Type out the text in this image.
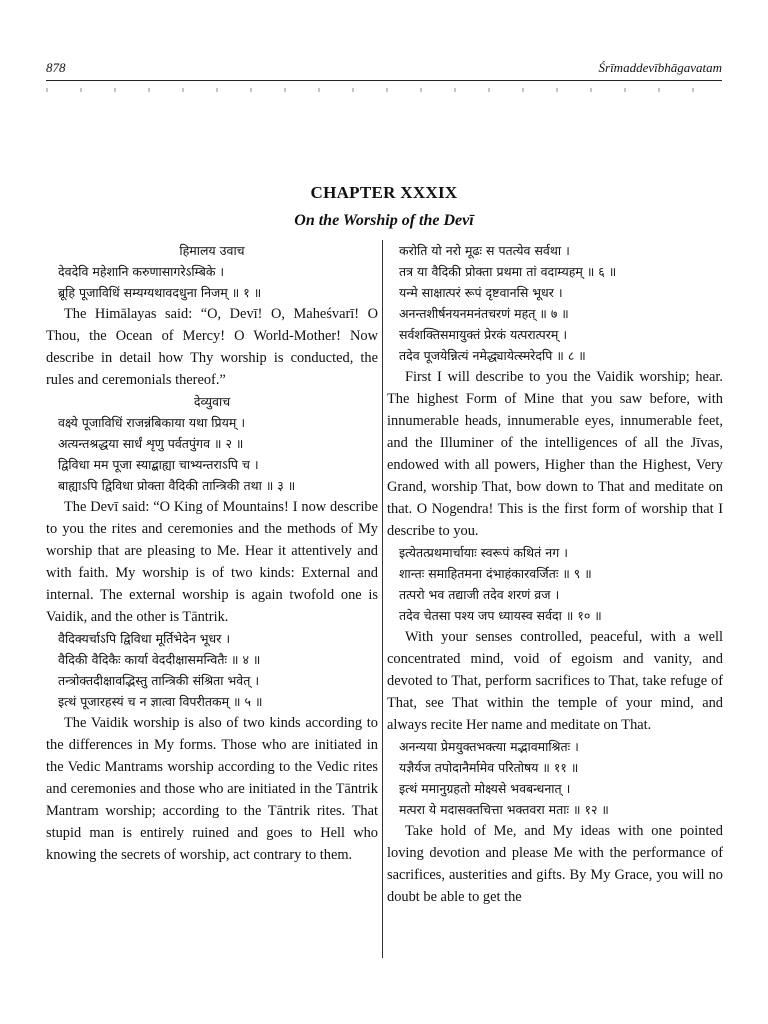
878	Śrīmaddevībhāgavatam
CHAPTER XXXIX
On the Worship of the Devī
हिमालय उवाच
देवदेवि महेशानि करुणासागरेऽम्बिके ।
ब्रूहि पूजाविधिं सम्यग्यथावदधुना निजम् ॥ १ ॥

The Himālayas said: “O, Devī! O, Maheśvarī! O Thou, the Ocean of Mercy! O World-Mother! Now describe in detail how Thy worship is conducted, the rules and ceremonials thereof.”

देव्युवाच
वक्ष्ये पूजाविधिं राजन्नंबिकाया यथा प्रियम् ।
अत्यन्तश्रद्धया सार्धं शृणु पर्वतपुंगव ॥ २ ॥
द्विविधा मम पूजा स्याद्बाह्या चाभ्यन्तराऽपि च ।
बाह्याऽपि द्विविधा प्रोक्ता वैदिकी तान्त्रिकी तथा ॥ ३ ॥

The Devī said: “O King of Mountains! I now describe to you the rites and ceremonies and the methods of My worship that are pleasing to Me. Hear it attentively and with faith. My worship is of two kinds: External and internal. The external worship is again twofold one is Vaidik, and the other is Tāntrik.

वैदिक्यर्चाऽपि द्विविधा मूर्तिभेदेन भूधर ।
वैदिकी वैदिकैः कार्या वेददीक्षासमन्वितैः ॥ ४ ॥
तन्त्रोक्तदीक्षावद्भिस्तु तान्त्रिकी संश्रिता भवेत् ।
इत्थं पूजारहस्यं च न ज्ञात्वा विपरीतकम् ॥ ५ ॥

The Vaidik worship is also of two kinds according to the differences in My forms. Those who are initiated in the Vedic Mantrams worship according to the Vedic rites and ceremonies and those who are initiated in the Tāntrik Mantram worship; according to the Tāntrik rites. That stupid man is entirely ruined and goes to Hell who knowing the secrets of worship, act contrary to them.

करोति यो नरो मूढः स पतत्येव सर्वथा ।
तत्र या वैदिकी प्रोक्ता प्रथमा तां वदाम्यहम् ॥ ६ ॥
यन्मे साक्षात्परं रूपं दृष्टवानसि भूधर ।
अनन्तशीर्षनयनमनंतचरणं महत् ॥ ७ ॥
सर्वशक्तिसमायुक्तं प्रेरकं यत्परात्परम् ।
तदेव पूजयेन्नित्यं नमेद्ध्यायेत्स्मरेदपि ॥ ८ ॥

First I will describe to you the Vaidik worship; hear. The highest Form of Mine that you saw before, with innumerable heads, innumerable eyes, innumerable feet, and the Illuminer of the intelligences of all the Jīvas, endowed with all powers, Higher than the Highest, Very Grand, worship That, bow down to That and meditate on that. O Nogendra! This is the first form of worship that I describe to you.

इत्येतत्प्रथमार्चायाः स्वरूपं कथितं नग ।
शान्तः समाहितमना दंभाहंकारवर्जितः ॥ ९ ॥
तत्परो भव तद्याजी तदेव शरणं व्रज ।
तदेव चेतसा पश्य जप ध्यायस्व सर्वदा ॥ १० ॥

With your senses controlled, peaceful, with a well concentrated mind, void of egoism and vanity, and devoted to That, perform sacrifices to That, take refuge of That, see That within the temple of your mind, and always recite Her name and meditate on That.

अनन्यया प्रेमयुक्तभक्त्या मद्भावमाश्रितः ।
यज्ञैर्यज तपोदानैर्मामेव परितोषय ॥ ११ ॥
इत्थं ममानुग्रहतो मोक्ष्यसे भवबन्धनात् ।
मत्परा ये मदासक्तचित्ता भक्तवरा मताः ॥ १२ ॥

Take hold of Me, and My ideas with one pointed loving devotion and please Me with the performance of sacrifices, austerities and gifts. By My Grace, you will no doubt be able to get the
